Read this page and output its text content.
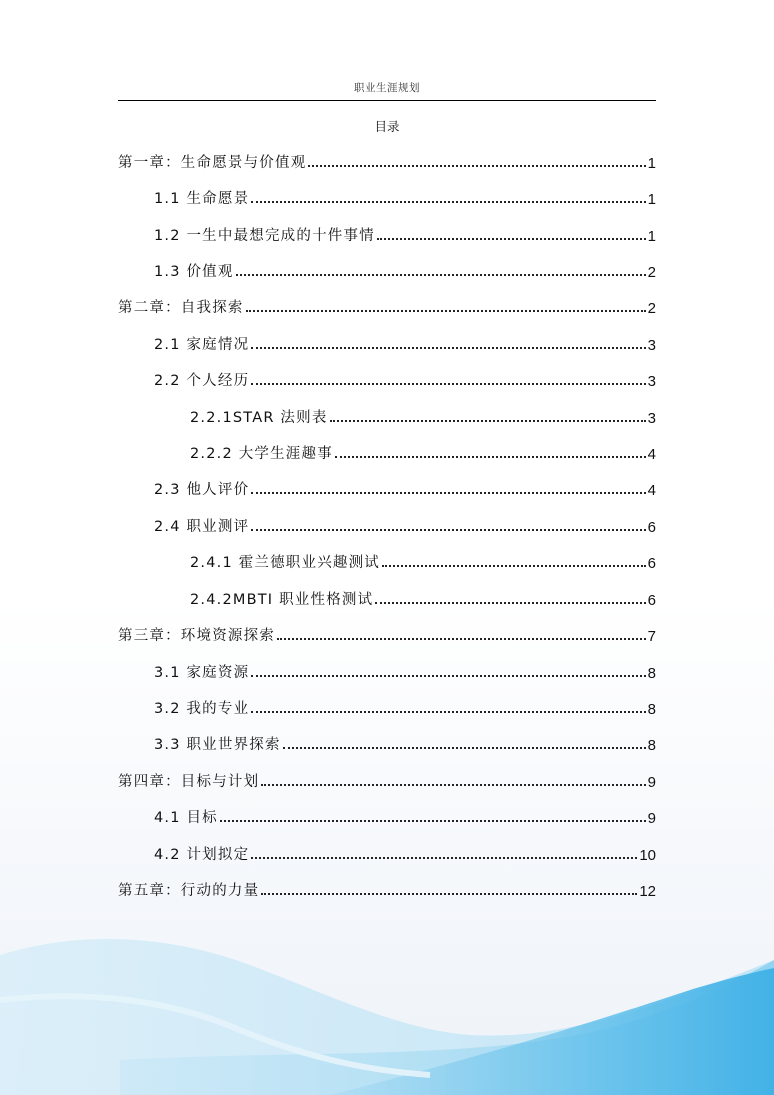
职业生涯规划
目录
第一章：生命愿景与价值观	1
1.1 生命愿景	1
1.2 一生中最想完成的十件事情	1
1.3 价值观	2
第二章：自我探索	2
2.1 家庭情况	3
2.2 个人经历	3
2.2.1STAR 法则表	3
2.2.2 大学生涯趣事	4
2.3 他人评价	4
2.4 职业测评	6
2.4.1 霍兰德职业兴趣测试	6
2.4.2MBTI 职业性格测试	6
第三章：环境资源探索	7
3.1 家庭资源	8
3.2 我的专业	8
3.3 职业世界探索	8
第四章：目标与计划	9
4.1 目标	9
4.2 计划拟定	10
第五章：行动的力量	12
